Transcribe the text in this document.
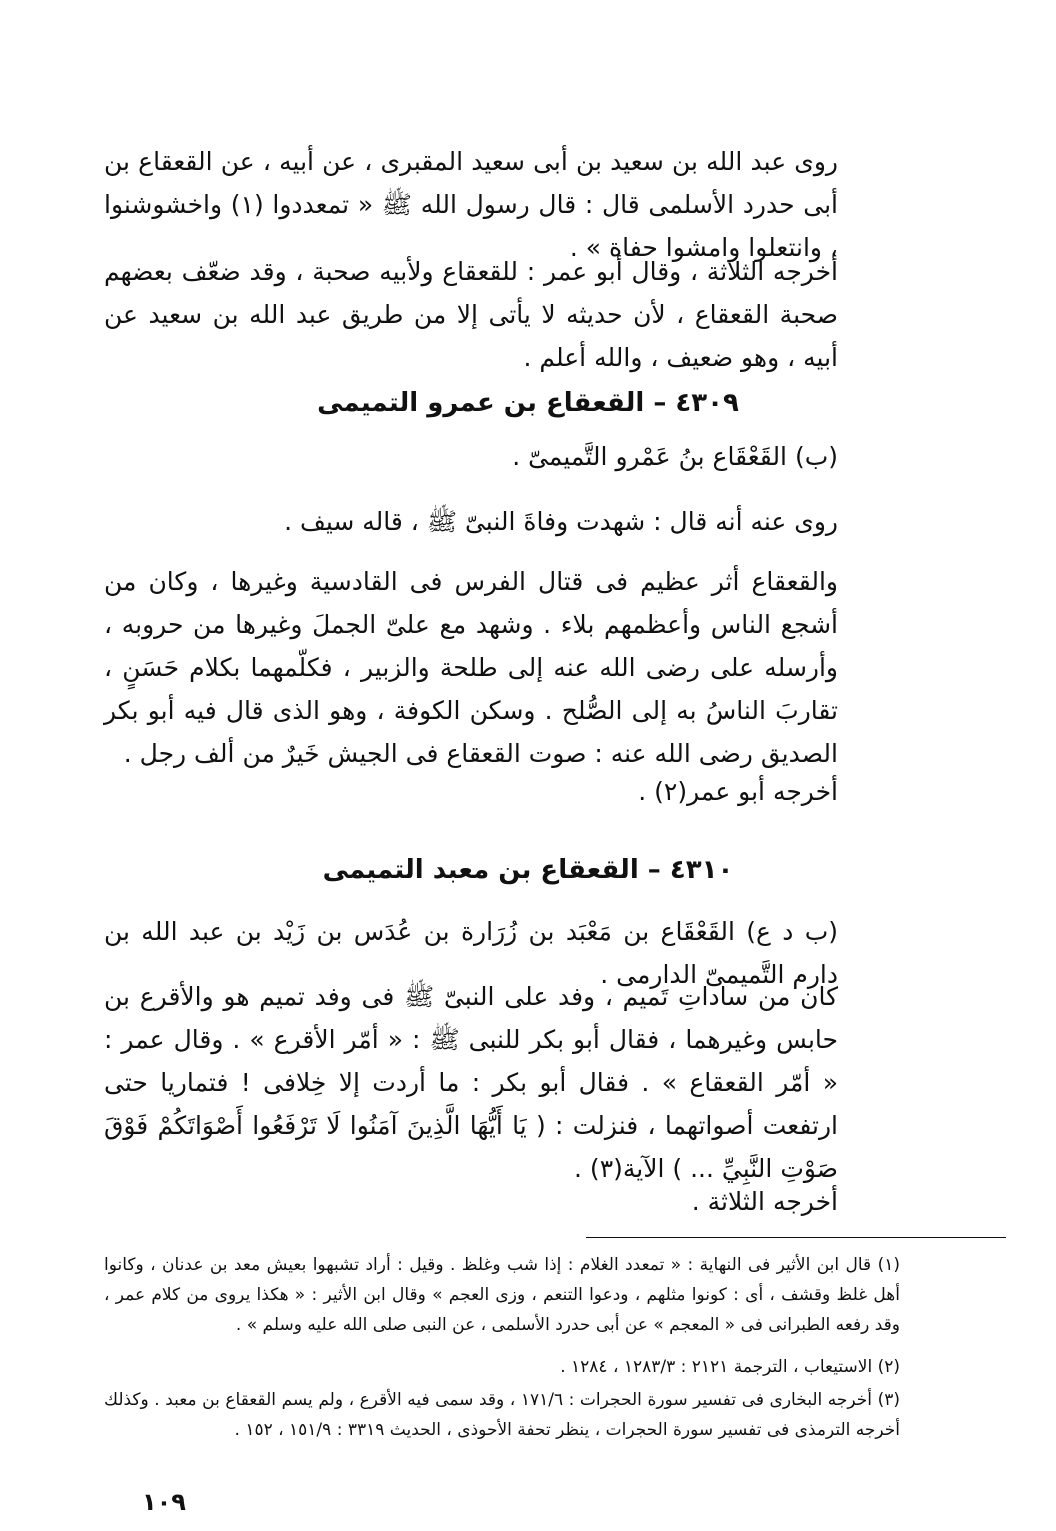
روى عبد الله بن سعيد بن أبى سعيد المقبرى ، عن أبيه ، عن القعقاع بن أبى حدرد الأسلمى قال : قال رسول الله ﷺ « تمعددوا (١) واخشوشنوا ، وانتعلوا وامشوا حفاة » .

أخرجه الثلاثة ، وقال أبو عمر : للقعقاع ولأبيه صحبة ، وقد ضعّف بعضهم صحبة القعقاع ، لأن حديثه لا يأتى إلا من طريق عبد الله بن سعيد عن أبيه ، وهو ضعيف ، والله أعلم .

٤٣٠٩ – القعقاع بن عمرو التميمى

(ب) القَعْقَاع بنُ عَمْرو التَّميمىّ .

روى عنه أنه قال : شهدت وفاةَ النبىّ ﷺ ، قاله سيف .

والقعقاع أثر عظيم فى قتال الفرس فى القادسية وغيرها ، وكان من أشجع الناس وأعظمهم بلاء . وشهد مع علىّ الجملَ وغيرها من حروبه ، وأرسله على رضى الله عنه إلى طلحة والزبير ، فكلّمهما بكلام حَسَنٍ ، تقاربَ الناسُ به إلى الصُّلح . وسكن الكوفة ، وهو الذى قال فيه أبو بكر الصديق رضى الله عنه : صوت القعقاع فى الجيش خَيرٌ من ألف رجل .

أخرجه أبو عمر(٢) .

٤٣١٠ – القعقاع بن معبد التميمى

(ب د ع) القَعْقَاع بن مَعْبَد بن زُرَارة بن عُدَس بن زَيْد بن عبد الله بن دارم التَّميمىّ الدارمى .

كان من ساداتِ تَميم ، وفد على النبىّ ﷺ فى وفد تميم هو والأقرع بن حابس وغيرهما ، فقال أبو بكر للنبى ﷺ : « أمّر الأقرع » . وقال عمر : « أمّر القعقاع » . فقال أبو بكر : ما أردت إلا خِلافى ! فتماريا حتى ارتفعت أصواتهما ، فنزلت : ( يَا أَيُّهَا الَّذِينَ آمَنُوا لَا تَرْفَعُوا أَصْوَاتَكُمْ فَوْقَ صَوْتِ النَّبِيِّ ... ) الآية(٣) .

أخرجه الثلاثة .

(١) قال ابن الأثير فى النهاية : « تمعدد الغلام : إذا شب وغلظ . وقيل : أراد تشبهوا بعيش معد بن عدنان ، وكانوا أهل غلظ وقشف ، أى : كونوا مثلهم ، ودعوا التنعم ، وزى العجم » وقال ابن الأثير : « هكذا يروى من كلام عمر ، وقد رفعه الطبرانى فى « المعجم » عن أبى حدرد الأسلمى ، عن النبى صلى الله عليه وسلم » .

(٢) الاستيعاب ، الترجمة ٢١٢١ : ١٢٨٣/٣ ، ١٢٨٤ .

(٣) أخرجه البخارى فى تفسير سورة الحجرات : ١٧١/٦ ، وقد سمى فيه الأقرع ، ولم يسم القعقاع بن معبد . وكذلك أخرجه الترمذى فى تفسير سورة الحجرات ، ينظر تحفة الأحوذى ، الحديث ٣٣١٩ : ١٥١/٩ ، ١٥٢ .

١٠٩
